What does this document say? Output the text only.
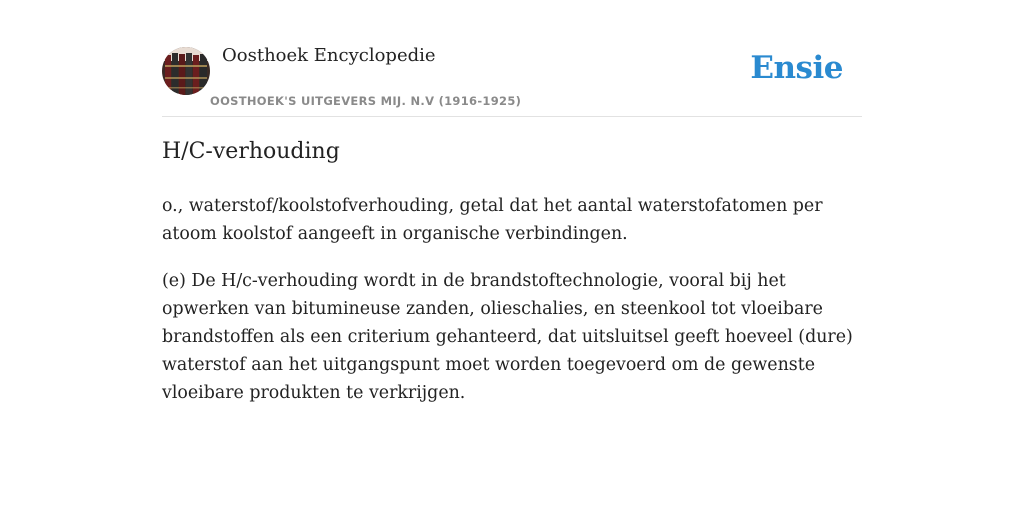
Oosthoek Encyclopedie
OOSTHOEK'S UITGEVERS MIJ. N.V (1916-1925)
Ensie
H/C-verhouding

o., waterstof/koolstofverhouding, getal dat het aantal waterstofatomen per atoom koolstof aangeeft in organische verbindingen.

(e) De H/c-verhouding wordt in de brandstoftechnologie, vooral bij het opwerken van bitumineuse zanden, olieschalies, en steenkool tot vloeibare brandstoffen als een criterium gehanteerd, dat uitsluitsel geeft hoeveel (dure) waterstof aan het uitgangspunt moet worden toegevoerd om de gewenste vloeibare produkten te verkrijgen.
